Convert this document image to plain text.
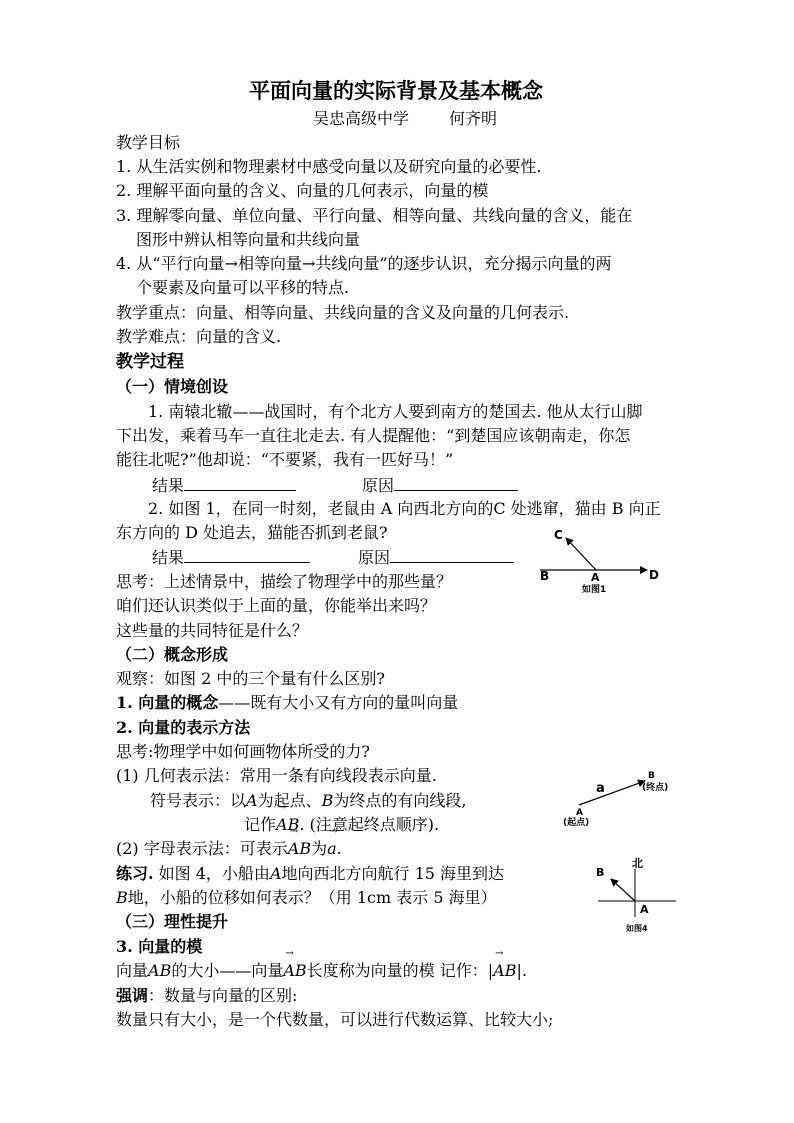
平面向量的实际背景及基本概念
吴忠高级中学	何齐明
教学目标
1. 从生活实例和物理素材中感受向量以及研究向量的必要性.
2. 理解平面向量的含义、向量的几何表示，向量的模
3. 理解零向量、单位向量、平行向量、相等向量、共线向量的含义，能在
图形中辨认相等向量和共线向量
4. 从“平行向量→相等向量→共线向量”的逐步认识，充分揭示向量的两
个要素及向量可以平移的特点.
教学重点：向量、相等向量、共线向量的含义及向量的几何表示.
教学难点：向量的含义.
教学过程
（一）情境创设
1. 南辕北辙——战国时，有个北方人要到南方的楚国去. 他从太行山脚
下出发，乘着马车一直往北走去. 有人提醒他：“到楚国应该朝南走，你怎
能往北呢?”他却说：“不要紧，我有一匹好马！”
结果	原因
2. 如图 1，在同一时刻，老鼠由 A 向西北方向的C 处逃窜，猫由 B 向正
东方向的 D 处追去，猫能否抓到老鼠?
结果	原因
思考：上述情景中，描绘了物理学中的那些量？
咱们还认识类似于上面的量，你能举出来吗？
这些量的共同特征是什么？
（二）概念形成
观察：如图 2 中的三个量有什么区别?
1. 向量的概念——既有大小又有方向的量叫向量
2. 向量的表示方法
思考:物理学中如何画物体所受的力?
(1) 几何表示法：常用一条有向线段表示向量.
符号表示：以A为起点、B为终点的有向线段,
记作→ AB. (注意起终点顺序).
(2) 字母表示法：可表示→ AB为→ a.
练习. 如图 4，小船由A地向西北方向航行 15 海里到达
B地，小船的位移如何表示？（用 1cm 表示 5 海里）
（三）理性提升
3. 向量的模
向量→ AB的大小——向量→ AB长度称为向量的模 记作：|→ AB|.
强调：数量与向量的区别:
数量只有大小，是一个代数量，可以进行代数运算、比较大小;
C
B	A	D
如图1
a
B
(终点)
A
(起点)
北
B
A
如图4
